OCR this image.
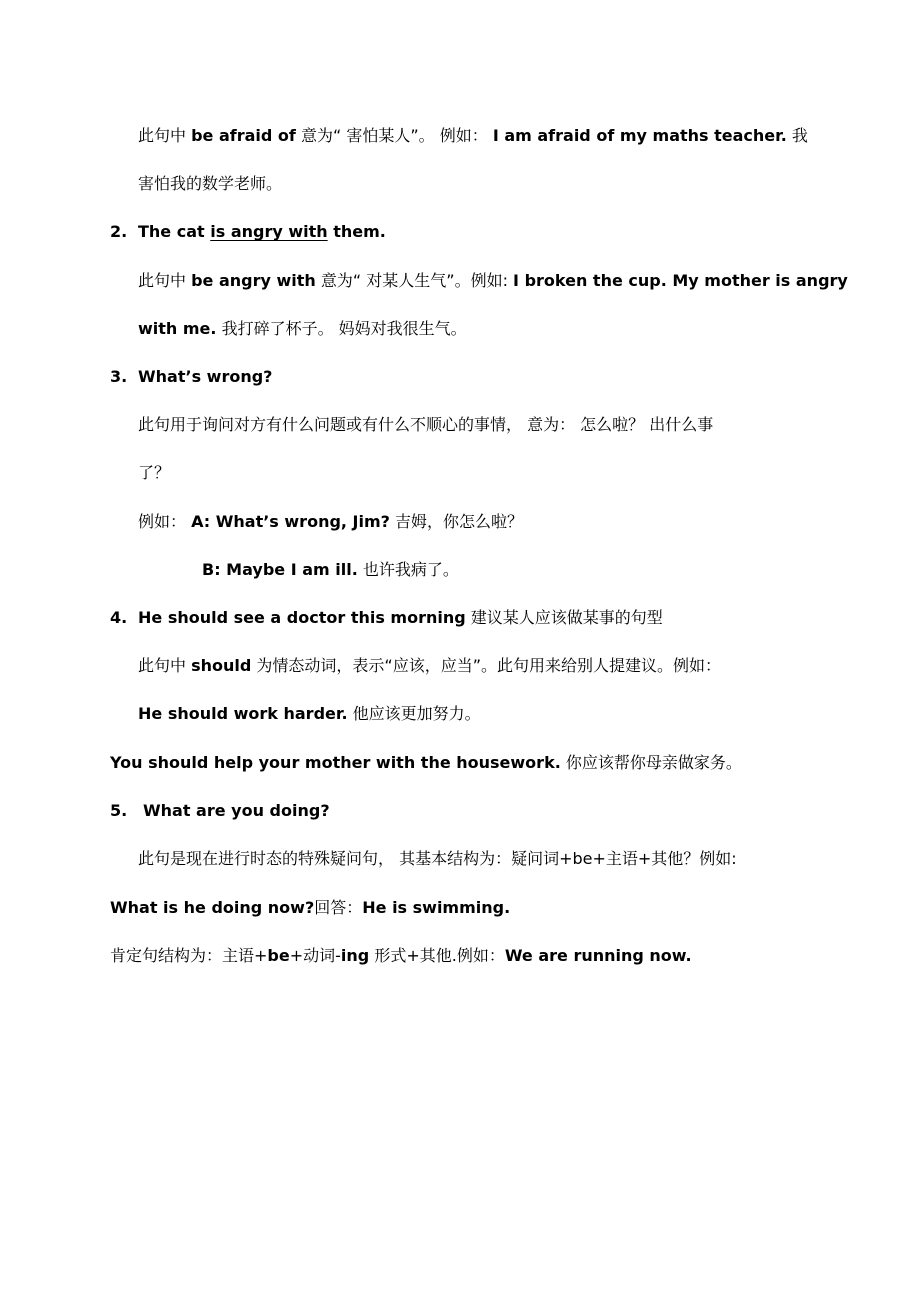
此句中 be afraid of 意为“ 害怕某人”。 例如： I am afraid of my maths teacher. 我
害怕我的数学老师。
2. The cat is angry with them.
此句中 be angry with 意为“ 对某人生气”。例如: I broken the cup. My mother is angry
with me. 我打碎了杯子。 妈妈对我很生气。
3. What’s wrong?
此句用于询问对方有什么问题或有什么不顺心的事情， 意为： 怎么啦？ 出什么事
了？
例如： A: What’s wrong, Jim? 吉姆，你怎么啦？
B: Maybe I am ill. 也许我病了。
4. He should see a doctor this morning 建议某人应该做某事的句型
此句中 should 为情态动词，表示“应该，应当”。此句用来给别人提建议。例如：
He should work harder. 他应该更加努力。
You should help your mother with the housework. 你应该帮你母亲做家务。
5. What are you doing?
此句是现在进行时态的特殊疑问句， 其基本结构为：疑问词+be+主语+其他？例如:
What is he doing now?回答：He is swimming.
肯定句结构为：主语+be+动词-ing 形式+其他.例如：We are running now.
